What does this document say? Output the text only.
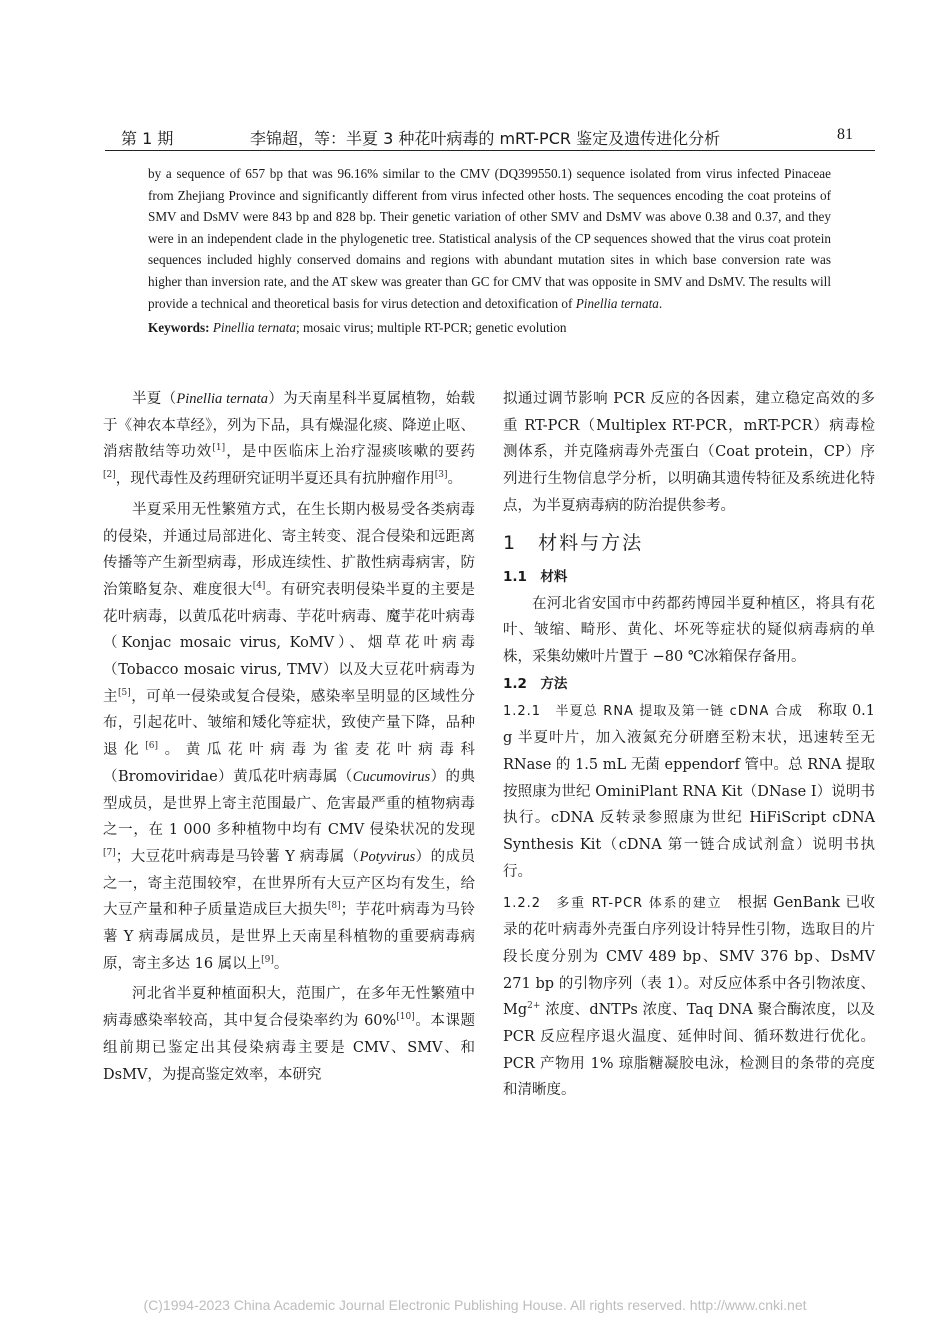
第 1 期	李锦超，等：半夏 3 种花叶病毒的 mRT-PCR 鉴定及遗传进化分析	81

by a sequence of 657 bp that was 96.16% similar to the CMV (DQ399550.1) sequence isolated from virus infected Pinaceae from Zhejiang Province and significantly different from virus infected other hosts. The sequences encoding the coat proteins of SMV and DsMV were 843 bp and 828 bp. Their genetic variation of other SMV and DsMV was above 0.38 and 0.37, and they were in an independent clade in the phylogenetic tree. Statistical analysis of the CP sequences showed that the virus coat protein sequences included highly conserved domains and regions with abundant mutation sites in which base conversion rate was higher than inversion rate, and the AT skew was greater than GC for CMV that was opposite in SMV and DsMV. The results will provide a technical and theoretical basis for virus detection and detoxification of Pinellia ternata.

Keywords: Pinellia ternata; mosaic virus; multiple RT-PCR; genetic evolution

半夏（Pinellia ternata）为天南星科半夏属植物，始载于《神农本草经》，列为下品，具有燥湿化痰、降逆止呕、消痞散结等功效[1]，是中医临床上治疗湿痰咳嗽的要药[2]，现代毒性及药理研究证明半夏还具有抗肿瘤作用[3]。

半夏采用无性繁殖方式，在生长期内极易受各类病毒的侵染，并通过局部进化、寄主转变、混合侵染和远距离传播等产生新型病毒，形成连续性、扩散性病毒病害，防治策略复杂、难度很大[4]。有研究表明侵染半夏的主要是花叶病毒，以黄瓜花叶病毒、芋花叶病毒、魔芋花叶病毒（Konjac mosaic virus, KoMV）、烟草花叶病毒（Tobacco mosaic virus, TMV）以及大豆花叶病毒为主[5]，可单一侵染或复合侵染，感染率呈明显的区域性分布，引起花叶、皱缩和矮化等症状，致使产量下降，品种退化[6]。黄瓜花叶病毒为雀麦花叶病毒科（Bromoviridae）黄瓜花叶病毒属（Cucumovirus）的典型成员，是世界上寄主范围最广、危害最严重的植物病毒之一，在 1 000 多种植物中均有 CMV 侵染状况的发现[7]；大豆花叶病毒是马铃薯 Y 病毒属（Potyvirus）的成员之一，寄主范围较窄，在世界所有大豆产区均有发生，给大豆产量和种子质量造成巨大损失[8]；芋花叶病毒为马铃薯 Y 病毒属成员，是世界上天南星科植物的重要病毒病原，寄主多达 16 属以上[9]。

河北省半夏种植面积大，范围广，在多年无性繁殖中病毒感染率较高，其中复合侵染率约为 60%[10]。本课题组前期已鉴定出其侵染病毒主要是 CMV、SMV、和 DsMV，为提高鉴定效率，本研究

拟通过调节影响 PCR 反应的各因素，建立稳定高效的多重 RT-PCR（Multiplex RT-PCR，mRT-PCR）病毒检测体系，并克隆病毒外壳蛋白（Coat protein，CP）序列进行生物信息学分析，以明确其遗传特征及系统进化特点，为半夏病毒病的防治提供参考。

1　材料与方法
1.1　材料

在河北省安国市中药都药博园半夏种植区，将具有花叶、皱缩、畸形、黄化、坏死等症状的疑似病毒病的单株，采集幼嫩叶片置于 −80 ℃冰箱保存备用。

1.2　方法

1.2.1　半夏总 RNA 提取及第一链 cDNA 合成　 称取 0.1 g 半夏叶片，加入液氮充分研磨至粉末状，迅速转至无 RNase 的 1.5 mL 无菌 eppendorf 管中。总 RNA 提取按照康为世纪 OminiPlant RNA Kit（DNase I）说明书执行。cDNA 反转录参照康为世纪 HiFiScript cDNA Synthesis Kit（cDNA 第一链合成试剂盒）说明书执行。

1.2.2　多重 RT-PCR 体系的建立　 根据 GenBank 已收录的花叶病毒外壳蛋白序列设计特异性引物，选取目的片段长度分别为 CMV 489 bp、SMV 376 bp、DsMV 271 bp 的引物序列（表 1）。对反应体系中各引物浓度、Mg$^{2+}$ 浓度、dNTPs 浓度、Taq DNA 聚合酶浓度，以及 PCR 反应程序退火温度、延伸时间、循环数进行优化。PCR 产物用 1% 琼脂糖凝胶电泳，检测目的条带的亮度和清晰度。

(C)1994-2023 China Academic Journal Electronic Publishing House. All rights reserved. http://www.cnki.net
